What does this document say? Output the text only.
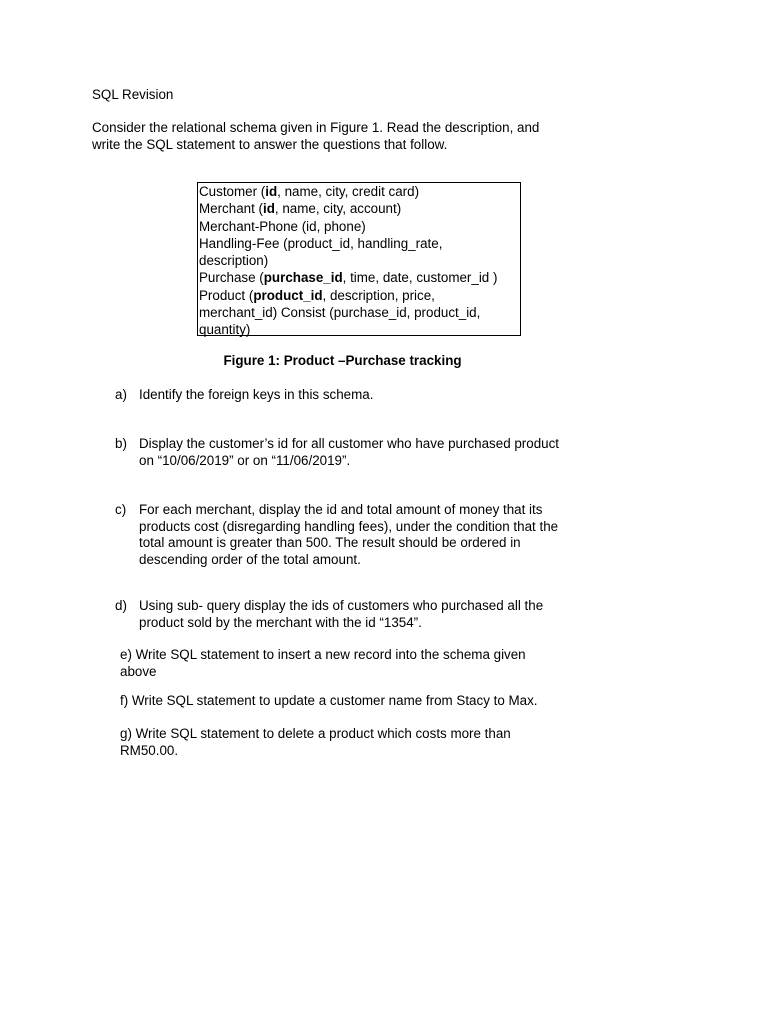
SQL Revision
Consider the relational schema given in Figure 1. Read the description, and
write the SQL statement to answer the questions that follow.
Customer (id, name, city, credit card)
Merchant (id, name, city, account)
Merchant-Phone (id, phone)
Handling-Fee (product_id, handling_rate,
description)
Purchase (purchase_id, time, date, customer_id )
Product (product_id, description, price,
merchant_id) Consist (purchase_id, product_id,
quantity)
Figure 1: Product –Purchase tracking
a) Identify the foreign keys in this schema.
b) Display the customer’s id for all customer who have purchased product
on “10/06/2019” or on “11/06/2019”.
c) For each merchant, display the id and total amount of money that its
products cost (disregarding handling fees), under the condition that the
total amount is greater than 500. The result should be ordered in
descending order of the total amount.
d) Using sub- query display the ids of customers who purchased all the
product sold by the merchant with the id “1354”.
e) Write SQL statement to insert a new record into the schema given
above
f) Write SQL statement to update a customer name from Stacy to Max.
g) Write SQL statement to delete a product which costs more than
RM50.00.
